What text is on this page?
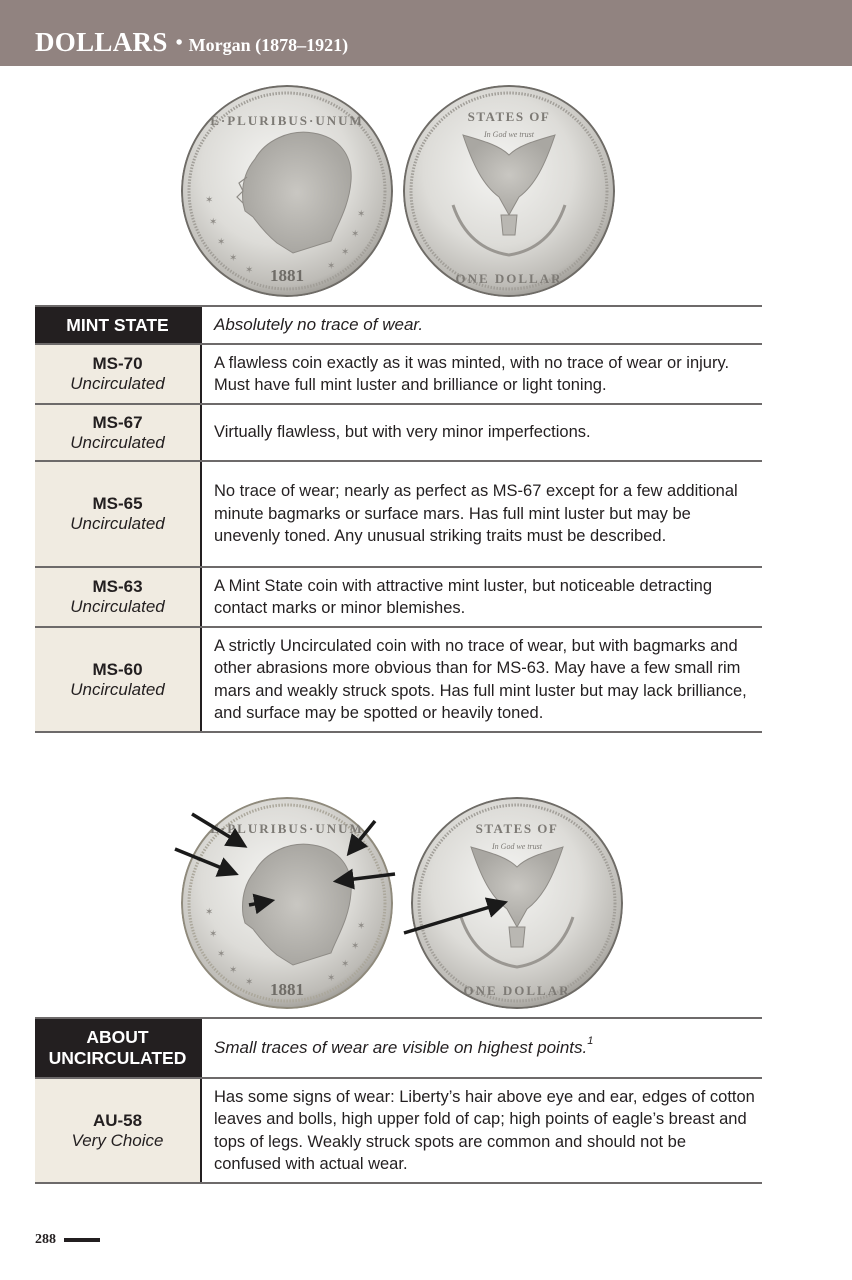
DOLLARS • Morgan (1878–1921)
E·PLURIBUS·UNUM
1881
✶
✶
✶
✶
✶
✶
✶
✶
✶
STATES OF
In God we trust
ONE DOLLAR
MINT STATE	Absolutely no trace of wear.

MS-70
Uncirculated	A flawless coin exactly as it was minted, with no trace of wear or injury. Must have full mint luster and brilliance or light toning.

MS-67
Uncirculated	Virtually flawless, but with very minor imperfections.

MS-65
Uncirculated	No trace of wear; nearly as perfect as MS-67 except for a few additional minute bagmarks or surface mars. Has full mint luster but may be unevenly toned. Any unusual striking traits must be described.

MS-63
Uncirculated	A Mint State coin with attractive mint luster, but noticeable detracting contact marks or minor blemishes.

MS-60
Uncirculated	A strictly Uncirculated coin with no trace of wear, but with bagmarks and other abrasions more obvious than for MS-63. May have a few small rim mars and weakly struck spots. Has full mint luster but may lack brilliance, and surface may be spotted or heavily toned.
E·PLURIBUS·UNUM
1881
✶
✶
✶
✶
✶
✶
✶
✶
✶
STATES OF
In God we trust
ONE DOLLAR
ABOUT
UNCIRCULATED	Small traces of wear are visible on highest points.$^1$

AU-58
Very Choice	Has some signs of wear: Liberty’s hair above eye and ear, edges of cotton leaves and bolls, high upper fold of cap; high points of eagle’s breast and tops of legs. Weakly struck spots are common and should not be confused with actual wear.
288
